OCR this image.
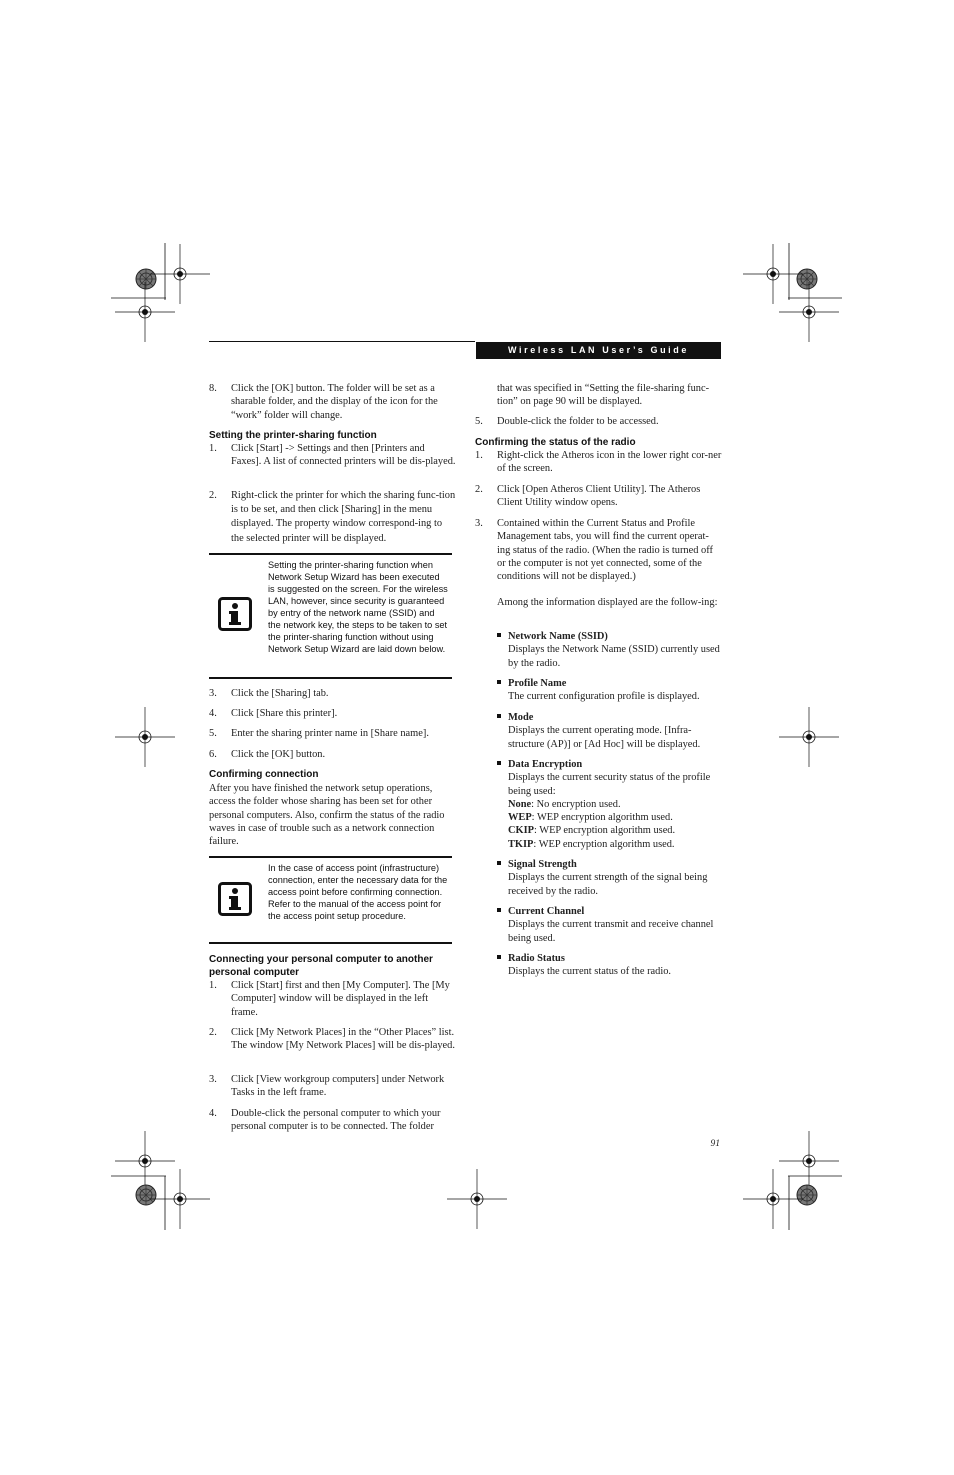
Wireless LAN User’s Guide
8. Click the [OK] button. The folder will be set as a sharable folder, and the display of the icon for the “work” folder will change.
Setting the printer-sharing function
1. Click [Start] -> Settings and then [Printers and Faxes]. A list of connected printers will be dis-played.
2. Right-click the printer for which the sharing func-tion is to be set, and then click [Sharing] in the menu displayed. The property window correspond-ing to the selected printer will be displayed.
Setting the printer-sharing function when Network Setup Wizard has been executed is suggested on the screen. For the wireless LAN, however, since security is guaranteed by entry of the network name (SSID) and the network key, the steps to be taken to set the printer-sharing function without using Network Setup Wizard are laid down below.
3. Click the [Sharing] tab.
4. Click [Share this printer].
5. Enter the sharing printer name in [Share name].
6. Click the [OK] button.
Confirming connection
After you have finished the network setup operations, access the folder whose sharing has been set for other personal computers. Also, confirm the status of the radio waves in case of trouble such as a network connection failure.
In the case of access point (infrastructure) connection, enter the necessary data for the access point before confirming connection. Refer to the manual of the access point for the access point setup procedure.
Connecting your personal computer to another personal computer
1. Click [Start] first and then [My Computer]. The [My Computer] window will be displayed in the left frame.
2. Click [My Network Places] in the “Other Places” list. The window [My Network Places] will be dis-played.
3. Click [View workgroup computers] under Network Tasks in the left frame.
4. Double-click the personal computer to which your personal computer is to be connected. The folder
that was specified in “Setting the file-sharing func-tion” on page 90 will be displayed.
5. Double-click the folder to be accessed.
Confirming the status of the radio
1. Right-click the Atheros icon in the lower right cor-ner of the screen.
2. Click [Open Atheros Client Utility]. The Atheros Client Utility window opens.
3. Contained within the Current Status and Profile Management tabs, you will find the current operat-ing status of the radio. (When the radio is turned off or the computer is not yet connected, some of the conditions will not be displayed.)
Among the information displayed are the follow-ing:
Network Name (SSID)
Displays the Network Name (SSID) currently used by the radio.
Profile Name
The current configuration profile is displayed.
Mode
Displays the current operating mode. [Infra-structure (AP)] or [Ad Hoc] will be displayed.
Data Encryption
Displays the current security status of the profile being used:
None: No encryption used.
WEP: WEP encryption algorithm used.
CKIP: WEP encryption algorithm used.
TKIP: WEP encryption algorithm used.
Signal Strength
Displays the current strength of the signal being received by the radio.
Current Channel
Displays the current transmit and receive channel being used.
Radio Status
Displays the current status of the radio.
91
